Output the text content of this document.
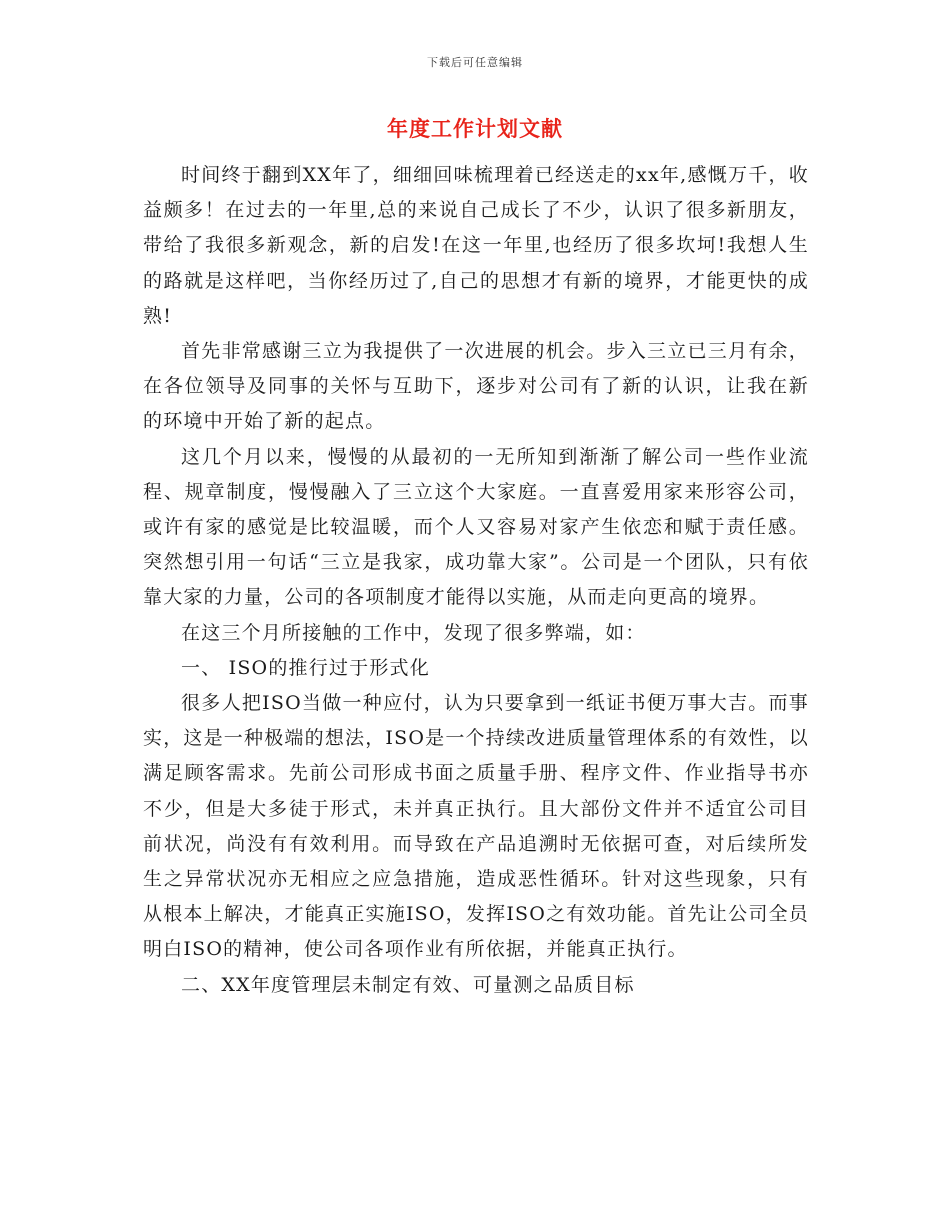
下载后可任意编辑
年度工作计划文献

时间终于翻到XX年了，细细回味梳理着已经送走的xx年,感慨万千，收益颇多！在过去的一年里,总的来说自己成长了不少，认识了很多新朋友，带给了我很多新观念，新的启发!在这一年里,也经历了很多坎坷!我想人生的路就是这样吧，当你经历过了,自己的思想才有新的境界，才能更快的成熟!

首先非常感谢三立为我提供了一次进展的机会。步入三立已三月有余，在各位领导及同事的关怀与互助下，逐步对公司有了新的认识，让我在新的环境中开始了新的起点。

这几个月以来，慢慢的从最初的一无所知到渐渐了解公司一些作业流程、规章制度，慢慢融入了三立这个大家庭。一直喜爱用家来形容公司，或许有家的感觉是比较温暖，而个人又容易对家产生依恋和赋于责任感。突然想引用一句话“三立是我家，成功靠大家”。公司是一个团队，只有依靠大家的力量，公司的各项制度才能得以实施，从而走向更高的境界。

在这三个月所接触的工作中，发现了很多弊端，如：

一、 ISO的推行过于形式化

很多人把ISO当做一种应付，认为只要拿到一纸证书便万事大吉。而事实，这是一种极端的想法，ISO是一个持续改进质量管理体系的有效性，以满足顾客需求。先前公司形成书面之质量手册、程序文件、作业指导书亦不少，但是大多徒于形式，未并真正执行。且大部份文件并不适宜公司目前状况，尚没有有效利用。而导致在产品追溯时无依据可查，对后续所发生之异常状况亦无相应之应急措施，造成恶性循环。针对这些现象，只有从根本上解决，才能真正实施ISO，发挥ISO之有效功能。首先让公司全员明白ISO的精神，使公司各项作业有所依据，并能真正执行。

二、XX年度管理层未制定有效、可量测之品质目标
